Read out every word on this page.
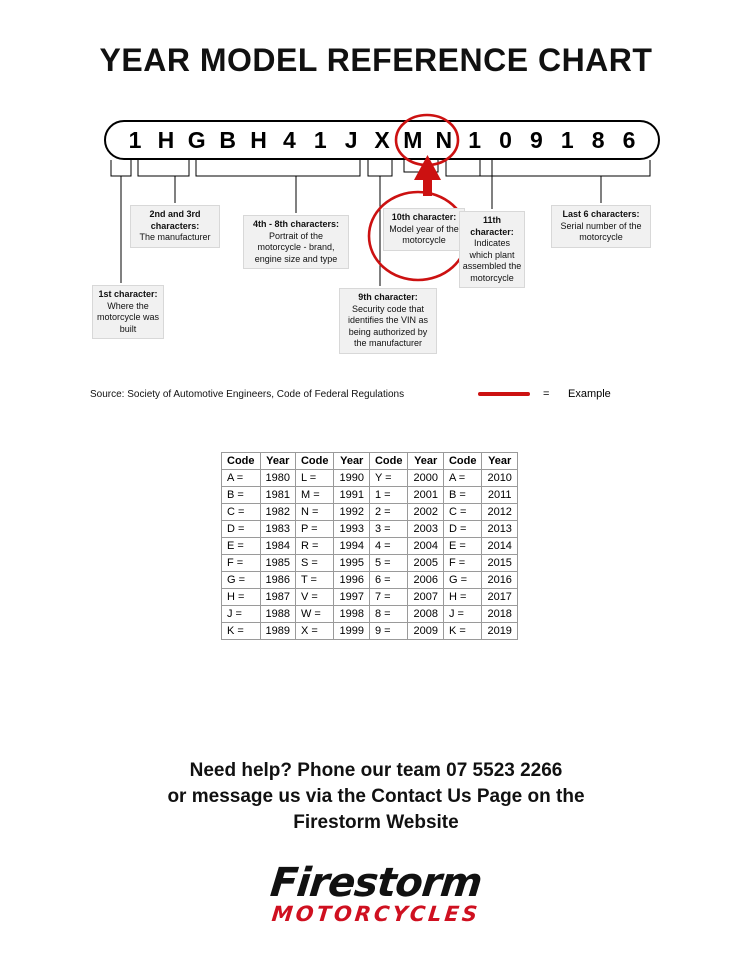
YEAR MODEL REFERENCE CHART
1 H G B H 4 1 J X M N 1 0 9 1 8 6
1st character:
Where the motorcycle was built
2nd and 3rd characters:
The manufacturer
4th - 8th characters:
Portrait of the motorcycle - brand, engine size and type
9th character:
Security code that identifies the VIN as being authorized by the manufacturer
10th character:
Model year of the motorcycle
11th character:
Indicates which plant assembled the motorcycle
Last 6 characters:
Serial number of the motorcycle
Source: Society of Automotive Engineers, Code of Federal Regulations	= Example
Code	Year	Code	Year	Code	Year	Code	Year
A =	1980	L =	1990	Y =	2000	A =	2010
B =	1981	M =	1991	1 =	2001	B =	2011
C =	1982	N =	1992	2 =	2002	C =	2012
D =	1983	P =	1993	3 =	2003	D =	2013
E =	1984	R =	1994	4 =	2004	E =	2014
F =	1985	S =	1995	5 =	2005	F =	2015
G =	1986	T =	1996	6 =	2006	G =	2016
H =	1987	V =	1997	7 =	2007	H =	2017
J =	1988	W =	1998	8 =	2008	J =	2018
K =	1989	X =	1999	9 =	2009	K =	2019
Need help? Phone our team 07 5523 2266
or message us via the Contact Us Page on the
Firestorm Website
Firestorm
MOTORCYCLES
